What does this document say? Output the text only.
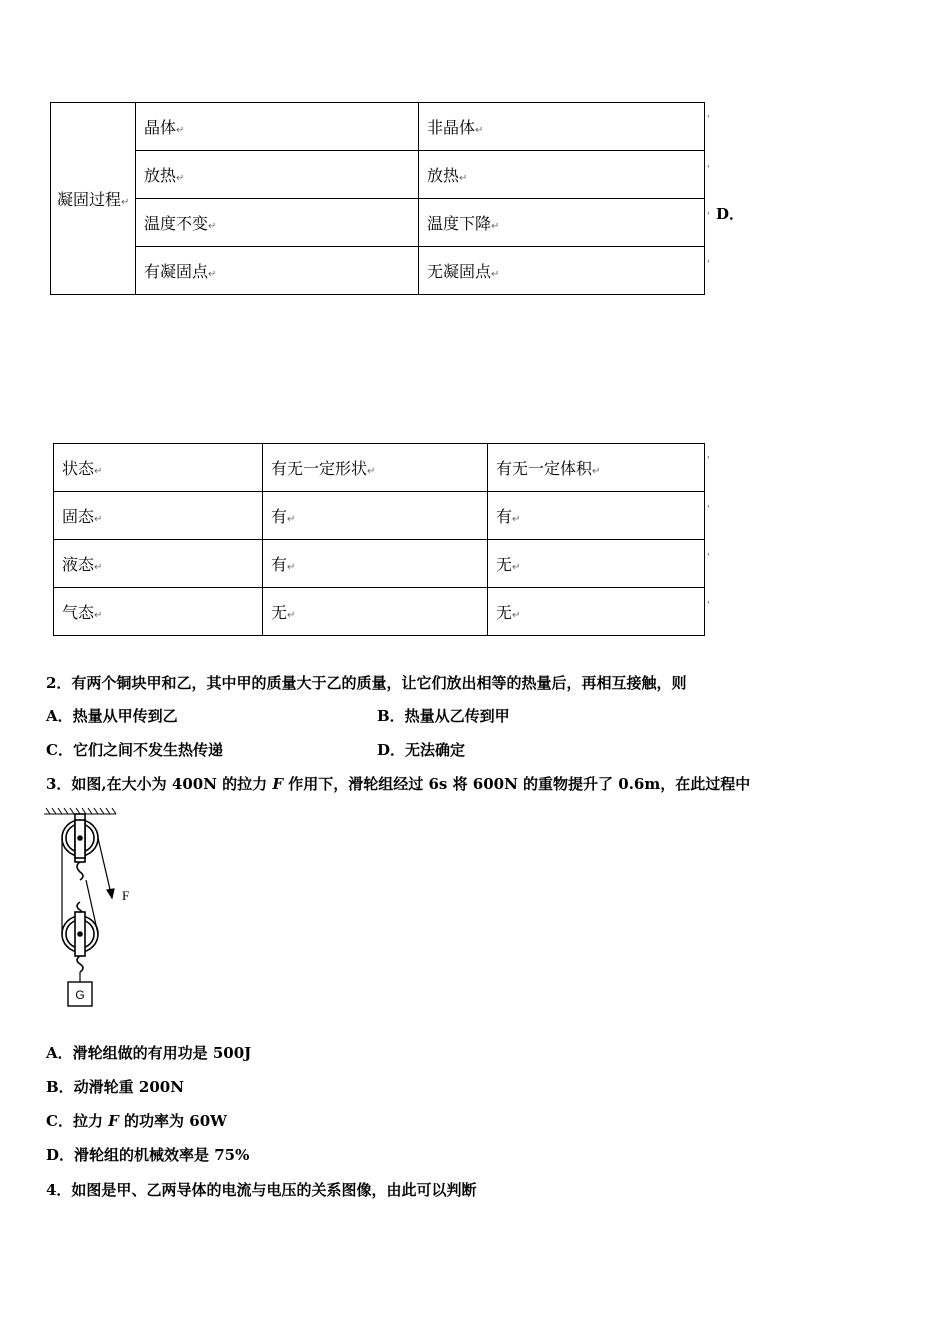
凝固过程↵	晶体↵	非晶体↵
	放热↵	放热↵
	温度不变↵	温度下降↵
	有凝固点↵	无凝固点↵
'
'
'
'
D．
状态↵	有无一定形状↵	有无一定体积↵
固态↵	有↵	有↵
液态↵	有↵	无↵
气态↵	无↵	无↵
'
'
'
'
2．有两个铜块甲和乙，其中甲的质量大于乙的质量，让它们放出相等的热量后，再相互接触，则
A．热量从甲传到乙	B．热量从乙传到甲
C．它们之间不发生热传递	D．无法确定
3．如图,在大小为 400N 的拉力 F 作用下，滑轮组经过 6s 将 600N 的重物提升了 0.6m，在此过程中
F
G
A．滑轮组做的有用功是 500J
B．动滑轮重 200N
C．拉力 F 的功率为 60W
D．滑轮组的机械效率是 75%
4．如图是甲、乙两导体的电流与电压的关系图像，由此可以判断
